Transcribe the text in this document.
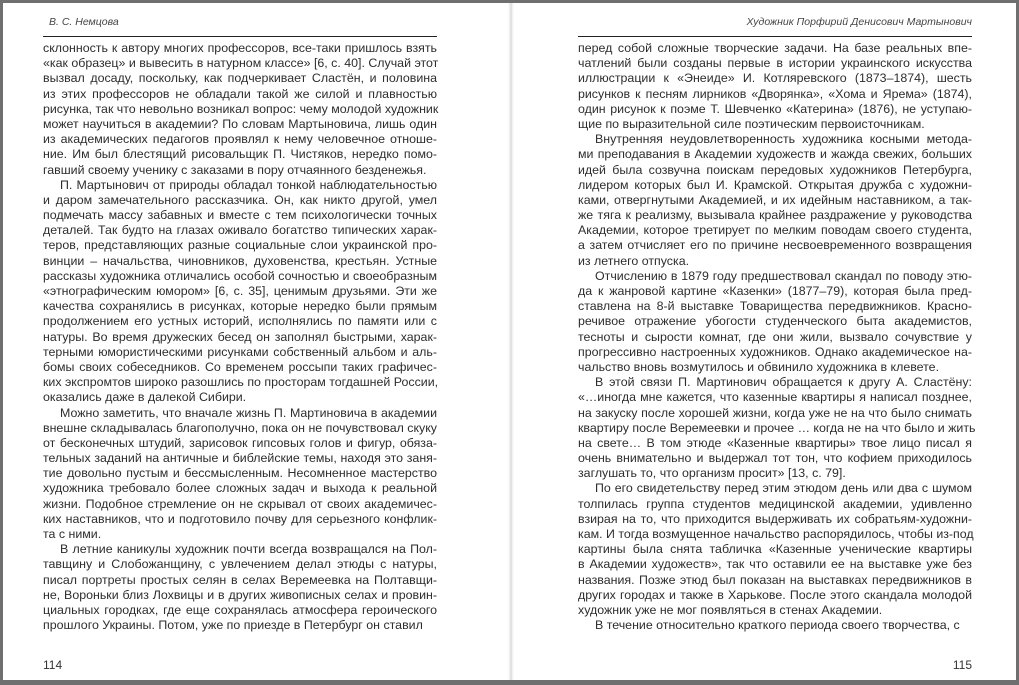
В. С. Немцова
склонность к автору многих профессоров, все-таки пришлось взять
«как образец» и вывесить в натурном классе» [6, с. 40]. Случай этот
вызвал досаду, поскольку, как подчеркивает Сластён, и половина
из этих профессоров не обладали такой же силой и плавностью
рисунка, так что невольно возникал вопрос: чему молодой художник
может научиться в академии? По словам Мартыновича, лишь один
из академических педагогов проявлял к нему человечное отноше-
ние. Им был блестящий рисовальщик П. Чистяков, нередко помо-
гавший своему ученику с заказами в пору отчаянного безденежья.
П. Мартынович от природы обладал тонкой наблюдательностью
и даром замечательного рассказчика. Он, как никто другой, умел
подмечать массу забавных и вместе с тем психологически точных
деталей. Так будто на глазах оживало богатство типических харак-
теров, представляющих разные социальные слои украинской про-
винции – начальства, чиновников, духовенства, крестьян. Устные
рассказы художника отличались особой сочностью и своеобразным
«этнографическим юмором» [6, с. 35], ценимым друзьями. Эти же
качества сохранялись в рисунках, которые нередко были прямым
продолжением его устных историй, исполнялись по памяти или с
натуры. Во время дружеских бесед он заполнял быстрыми, харак-
терными юмористическими рисунками собственный альбом и аль-
бомы своих собеседников. Со временем россыпи таких графичес-
ких экспромтов широко разошлись по просторам тогдашней России,
оказались даже в далекой Сибири.
Можно заметить, что вначале жизнь П. Мартиновича в академии
внешне складывалась благополучно, пока он не почувствовал скуку
от бесконечных штудий, зарисовок гипсовых голов и фигур, обяза-
тельных заданий на античные и библейские темы, находя это заня-
тие довольно пустым и бессмысленным. Несомненное мастерство
художника требовало более сложных задач и выхода к реальной
жизни. Подобное стремление он не скрывал от своих академичес-
ких наставников, что и подготовило почву для серьезного конфлик-
та с ними.
В летние каникулы художник почти всегда возвращался на Пол-
тавщину и Слобожанщину, с увлечением делал этюды с натуры,
писал портреты простых селян в селах Веремеевка на Полтавщи-
не, Вороньки близ Лохвицы и в других живописных селах и провин-
циальных городках, где еще сохранялась атмосфера героического
прошлого Украины. Потом, уже по приезде в Петербург он ставил
114
Художник Порфирий Денисович Мартынович
перед собой сложные творческие задачи. На базе реальных впе-
чатлений были созданы первые в истории украинского искусства
иллюстрации к «Энеиде» И. Котляревского (1873–1874), шесть
рисунков к песням лирников «Дворянка», «Хома и Ярема» (1874),
один рисунок к поэме Т. Шевченко «Катерина» (1876), не уступаю-
щие по выразительной силе поэтическим первоисточникам.
Внутренняя неудовлетворенность художника косными метода-
ми преподавания в Академии художеств и жажда свежих, больших
идей была созвучна поискам передовых художников Петербурга,
лидером которых был И. Крамской. Открытая дружба с художни-
ками, отвергнутыми Академией, и их идейным наставником, а так-
же тяга к реализму, вызывала крайнее раздражение у руководства
Академии, которое третирует по мелким поводам своего студента,
а затем отчисляет его по причине несвоевременного возвращения
из летнего отпуска.
Отчислению в 1879 году предшествовал скандал по поводу этю-
да к жанровой картине «Казенки» (1877–79), которая была пред-
ставлена на 8-й выставке Товарищества передвижников. Красно-
речивое отражение убогости студенческого быта академистов,
тесноты и сырости комнат, где они жили, вызвало сочувствие у
прогрессивно настроенных художников. Однако академическое на-
чальство вновь возмутилось и обвинило художника в клевете.
В этой связи П. Мартинович обращается к другу А. Сластёну:
«…иногда мне кажется, что казенные квартиры я написал позднее,
на закуску после хорошей жизни, когда уже не на что было снимать
квартиру после Веремеевки и прочее … когда не на что было и жить
на свете… В том этюде «Казенные квартиры» твое лицо писал я
очень внимательно и выдержал тот тон, что кофием приходилось
заглушать то, что организм просит» [13, с. 79].
По его свидетельству перед этим этюдом день или два с шумом
толпилась группа студентов медицинской академии, удивленно
взирая на то, что приходится выдерживать их собратьям-художни-
кам. И тогда возмущенное начальство распорядилось, чтобы из-под
картины была снята табличка «Казенные ученические квартиры
в Академии художеств», так что оставили ее на выставке уже без
названия. Позже этюд был показан на выставках передвижников в
других городах и также в Харькове. После этого скандала молодой
художник уже не мог появляться в стенах Академии.
В течение относительно краткого периода своего творчества, с
115
